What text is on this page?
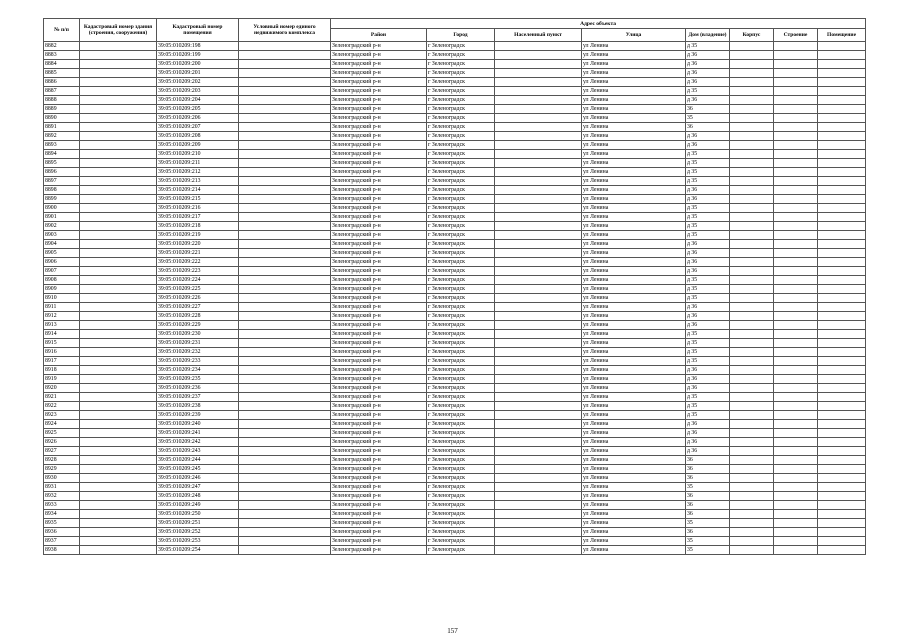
№ п/п	Кадастровый номер здания (строения, сооружения)	Кадастровый номер помещения	Условный номер единого недвижимого комплекса	Адрес объекта							
				Район	Город	Населенный пункт	Улица	Дом (владение)	Корпус	Строение	Помещение
8882		39:05:010209:198		Зеленоградский р-н	г Зеленоградск		ул Ленина	д 35			
8883		39:05:010209:199		Зеленоградский р-н	г Зеленоградск		ул Ленина	д 36			
8884		39:05:010209:200		Зеленоградский р-н	г Зеленоградск		ул Ленина	д 36			
8885		39:05:010209:201		Зеленоградский р-н	г Зеленоградск		ул Ленина	д 36			
8886		39:05:010209:202		Зеленоградский р-н	г Зеленоградск		ул Ленина	д 36			
8887		39:05:010209:203		Зеленоградский р-н	г Зеленоградск		ул Ленина	д 35			
8888		39:05:010209:204		Зеленоградский р-н	г Зеленоградск		ул Ленина	д 36			
8889		39:05:010209:205		Зеленоградский р-н	г Зеленоградск		ул Ленина	36			
8890		39:05:010209:206		Зеленоградский р-н	г Зеленоградск		ул Ленина	35			
8891		39:05:010209:207		Зеленоградский р-н	г Зеленоградск		ул Ленина	36			
8892		39:05:010209:208		Зеленоградский р-н	г Зеленоградск		ул Ленина	д 36			
8893		39:05:010209:209		Зеленоградский р-н	г Зеленоградск		ул Ленина	д 36			
8894		39:05:010209:210		Зеленоградский р-н	г Зеленоградск		ул Ленина	д 35			
8895		39:05:010209:211		Зеленоградский р-н	г Зеленоградск		ул Ленина	д 35			
8896		39:05:010209:212		Зеленоградский р-н	г Зеленоградск		ул Ленина	д 35			
8897		39:05:010209:213		Зеленоградский р-н	г Зеленоградск		ул Ленина	д 35			
8898		39:05:010209:214		Зеленоградский р-н	г Зеленоградск		ул Ленина	д 36			
8899		39:05:010209:215		Зеленоградский р-н	г Зеленоградск		ул Ленина	д 36			
8900		39:05:010209:216		Зеленоградский р-н	г Зеленоградск		ул Ленина	д 35			
8901		39:05:010209:217		Зеленоградский р-н	г Зеленоградск		ул Ленина	д 35			
8902		39:05:010209:218		Зеленоградский р-н	г Зеленоградск		ул Ленина	д 35			
8903		39:05:010209:219		Зеленоградский р-н	г Зеленоградск		ул Ленина	д 35			
8904		39:05:010209:220		Зеленоградский р-н	г Зеленоградск		ул Ленина	д 36			
8905		39:05:010209:221		Зеленоградский р-н	г Зеленоградск		ул Ленина	д 36			
8906		39:05:010209:222		Зеленоградский р-н	г Зеленоградск		ул Ленина	д 36			
8907		39:05:010209:223		Зеленоградский р-н	г Зеленоградск		ул Ленина	д 36			
8908		39:05:010209:224		Зеленоградский р-н	г Зеленоградск		ул Ленина	д 35			
8909		39:05:010209:225		Зеленоградский р-н	г Зеленоградск		ул Ленина	д 35			
8910		39:05:010209:226		Зеленоградский р-н	г Зеленоградск		ул Ленина	д 35			
8911		39:05:010209:227		Зеленоградский р-н	г Зеленоградск		ул Ленина	д 36			
8912		39:05:010209:228		Зеленоградский р-н	г Зеленоградск		ул Ленина	д 36			
8913		39:05:010209:229		Зеленоградский р-н	г Зеленоградск		ул Ленина	д 36			
8914		39:05:010209:230		Зеленоградский р-н	г Зеленоградск		ул Ленина	д 35			
8915		39:05:010209:231		Зеленоградский р-н	г Зеленоградск		ул Ленина	д 35			
8916		39:05:010209:232		Зеленоградский р-н	г Зеленоградск		ул Ленина	д 35			
8917		39:05:010209:233		Зеленоградский р-н	г Зеленоградск		ул Ленина	д 35			
8918		39:05:010209:234		Зеленоградский р-н	г Зеленоградск		ул Ленина	д 36			
8919		39:05:010209:235		Зеленоградский р-н	г Зеленоградск		ул Ленина	д 36			
8920		39:05:010209:236		Зеленоградский р-н	г Зеленоградск		ул Ленина	д 36			
8921		39:05:010209:237		Зеленоградский р-н	г Зеленоградск		ул Ленина	д 35			
8922		39:05:010209:238		Зеленоградский р-н	г Зеленоградск		ул Ленина	д 35			
8923		39:05:010209:239		Зеленоградский р-н	г Зеленоградск		ул Ленина	д 35			
8924		39:05:010209:240		Зеленоградский р-н	г Зеленоградск		ул Ленина	д 36			
8925		39:05:010209:241		Зеленоградский р-н	г Зеленоградск		ул Ленина	д 36			
8926		39:05:010209:242		Зеленоградский р-н	г Зеленоградск		ул Ленина	д 36			
8927		39:05:010209:243		Зеленоградский р-н	г Зеленоградск		ул Ленина	д 36			
8928		39:05:010209:244		Зеленоградский р-н	г Зеленоградск		ул Ленина	36			
8929		39:05:010209:245		Зеленоградский р-н	г Зеленоградск		ул Ленина	36			
8930		39:05:010209:246		Зеленоградский р-н	г Зеленоградск		ул Ленина	36			
8931		39:05:010209:247		Зеленоградский р-н	г Зеленоградск		ул Ленина	35			
8932		39:05:010209:248		Зеленоградский р-н	г Зеленоградск		ул Ленина	36			
8933		39:05:010209:249		Зеленоградский р-н	г Зеленоградск		ул Ленина	36			
8934		39:05:010209:250		Зеленоградский р-н	г Зеленоградск		ул Ленина	36			
8935		39:05:010209:251		Зеленоградский р-н	г Зеленоградск		ул Ленина	35			
8936		39:05:010209:252		Зеленоградский р-н	г Зеленоградск		ул Ленина	36			
8937		39:05:010209:253		Зеленоградский р-н	г Зеленоградск		ул Ленина	35			
8938		39:05:010209:254		Зеленоградский р-н	г Зеленоградск		ул Ленина	35			
157
